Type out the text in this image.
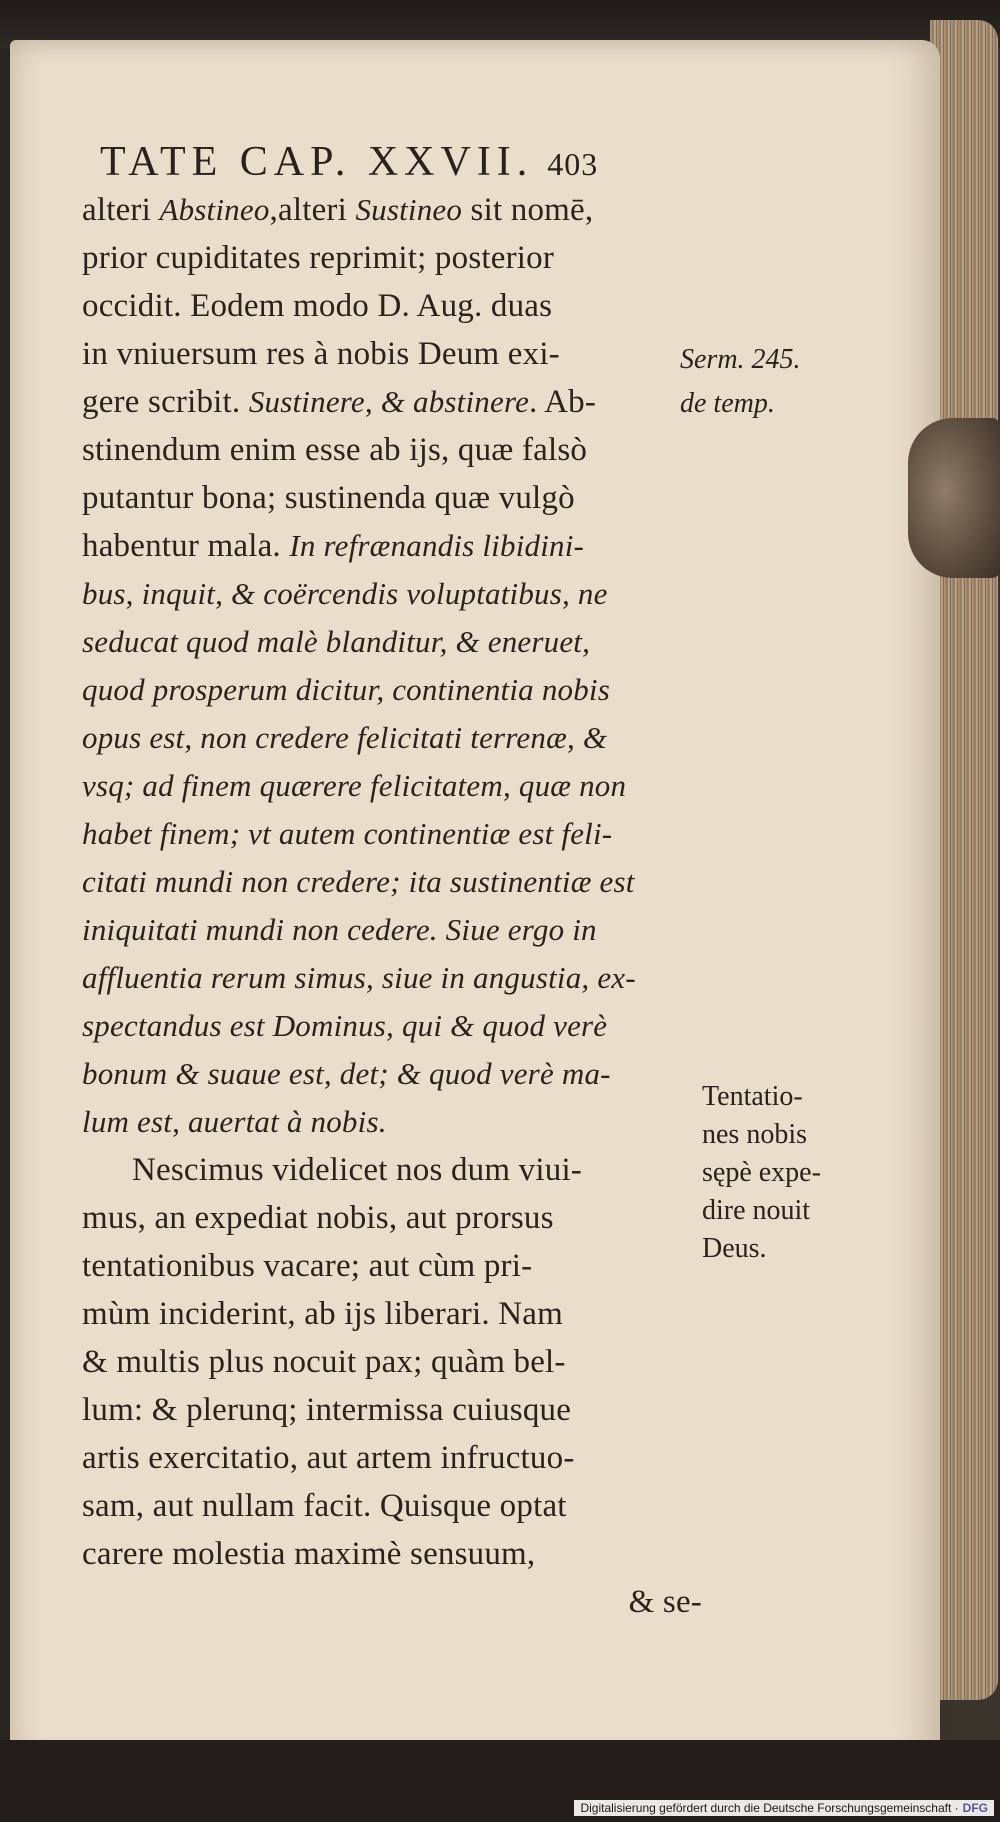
TATE CAP. XXVII. 403
alteri Abstineo,alteri Sustineo sit nomē,
prior cupiditates reprimit; posterior
occidit. Eodem modo D. Aug. duas
in vniuersum res à nobis Deum exi-
gere scribit. Sustinere, & abstinere. Ab-
stinendum enim esse ab ijs, quæ falsò
putantur bona; sustinenda quæ vulgò
habentur mala. In refrænandis libidini-
bus, inquit, & coërcendis voluptatibus, ne
seducat quod malè blanditur, & eneruet,
quod prosperum dicitur, continentia nobis
opus est, non credere felicitati terrenæ, &
vsq; ad finem quærere felicitatem, quæ non
habet finem; vt autem continentiæ est feli-
citati mundi non credere; ita sustinentiæ est
iniquitati mundi non cedere. Siue ergo in
affluentia rerum simus, siue in angustia, ex-
spectandus est Dominus, qui & quod verè
bonum & suaue est, det; & quod verè ma-
lum est, auertat à nobis.
Nescimus videlicet nos dum viui-
mus, an expediat nobis, aut prorsus
tentationibus vacare; aut cùm pri-
mùm inciderint, ab ijs liberari. Nam
& multis plus nocuit pax; quàm bel-
lum: & plerunq; intermissa cuiusque
artis exercitatio, aut artem infructuo-
sam, aut nullam facit. Quisque optat
carere molestia maximè sensuum,
& se-
Serm. 245.
de temp.
Tentatio-
nes nobis
sępè expe-
dire nouit
Deus.
Digitalisierung gefördert durch die Deutsche Forschungsgemeinschaft · DFG
